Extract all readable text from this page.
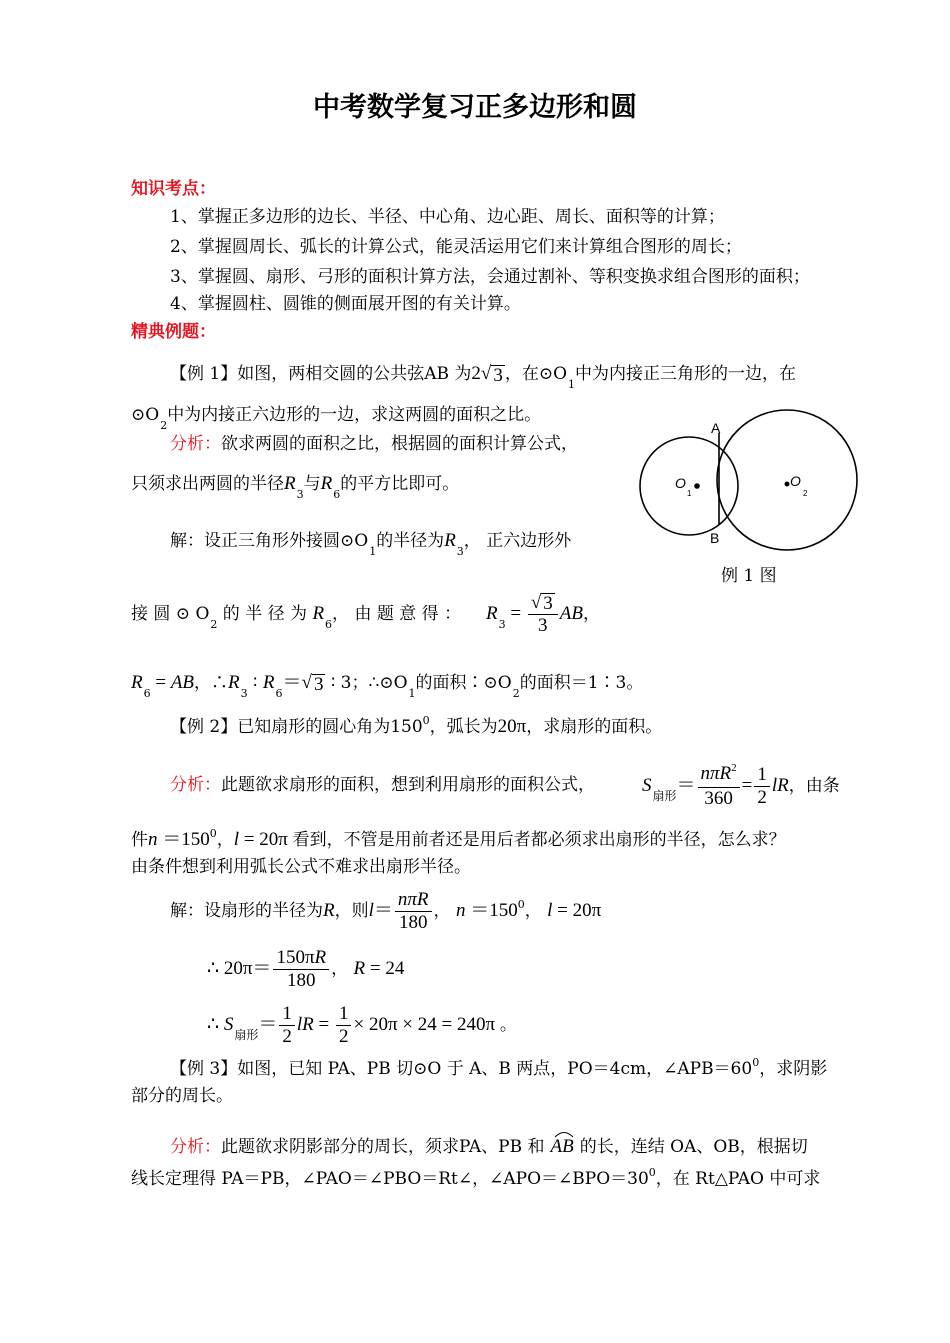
中考数学复习正多边形和圆
知识考点：
1、掌握正多边形的边长、半径、中心角、边心距、周长、面积等的计算；
2、掌握圆周长、弧长的计算公式，能灵活运用它们来计算组合图形的周长；
3、掌握圆、扇形、弓形的面积计算方法，会通过割补、等积变换求组合图形的面积；
4、掌握圆柱、圆锥的侧面展开图的有关计算。
精典例题：
【例 1】如图，两相交圆的公共弦AB 为2 √ 3 ，在$⊙O_1$中为内接正三角形的一边，在
$⊙O_2$中为内接正六边形的一边，求这两圆的面积之比。
分析：欲求两圆的面积之比，根据圆的面积计算公式，
只须求出两圆的半径$R_3$与$R_6$的平方比即可。
解：设正三角形外接圆$⊙O_1$的半径为$R_3$， 正六边形外
接 圆 ⊙ $O_2$ 的 半 径 为 $R_6$， 由 题 意 得 ： $R_3 = \frac{√ 3}{3}$ AB，
$R_6$ = AB，$\therefore R_3$ ∶ $R_6=$ √ 3 ∶ 3；$\therefore⊙O_1$的面积$∶⊙O_2$的面积＝1∶3。
A
B
O
1
O
2
例 1 图
【例 2】已知扇形的圆心角为$150^0$，弧长为20π，求扇形的面积。
分析：此题欲求扇形的面积，想到利用扇形的面积公式， $S_{扇形}= \frac{n\pi R^2}{360} = \frac{1}{2}$ lR，由条
件$n =150^0$，l = 20π 看到，不管是用前者还是用后者都必须求出扇形的半径，怎么求？
由条件想到利用弧长公式不难求出扇形半径。
解：设扇形的半径为R，则$l= \frac{\text{nπR}}{180}$ ， $n =150^0$， l = 20π
∴ $20\pi= \frac{150\pi R}{180}$ ， R = 24
∴ $S_{扇形}= \frac{1}{2}$ lR = $\frac{1}{2} \times 20\pi \times 24 = 240\pi$ 。
【例 3】如图，已知 PA、PB 切⊙O 于 A、B 两点，PO＝4cm，$\angle APB=60^0$，求阴影
部分的周长。
分析：此题欲求阴影部分的周长，须求PA、PB 和 AB 的长，连结 OA、OB，根据切
线长定理得 PA＝PB，∠PAO＝∠PBO＝Rt∠，$\angle APO=\angle BPO=30^0$，在 Rt△PAO 中可求
